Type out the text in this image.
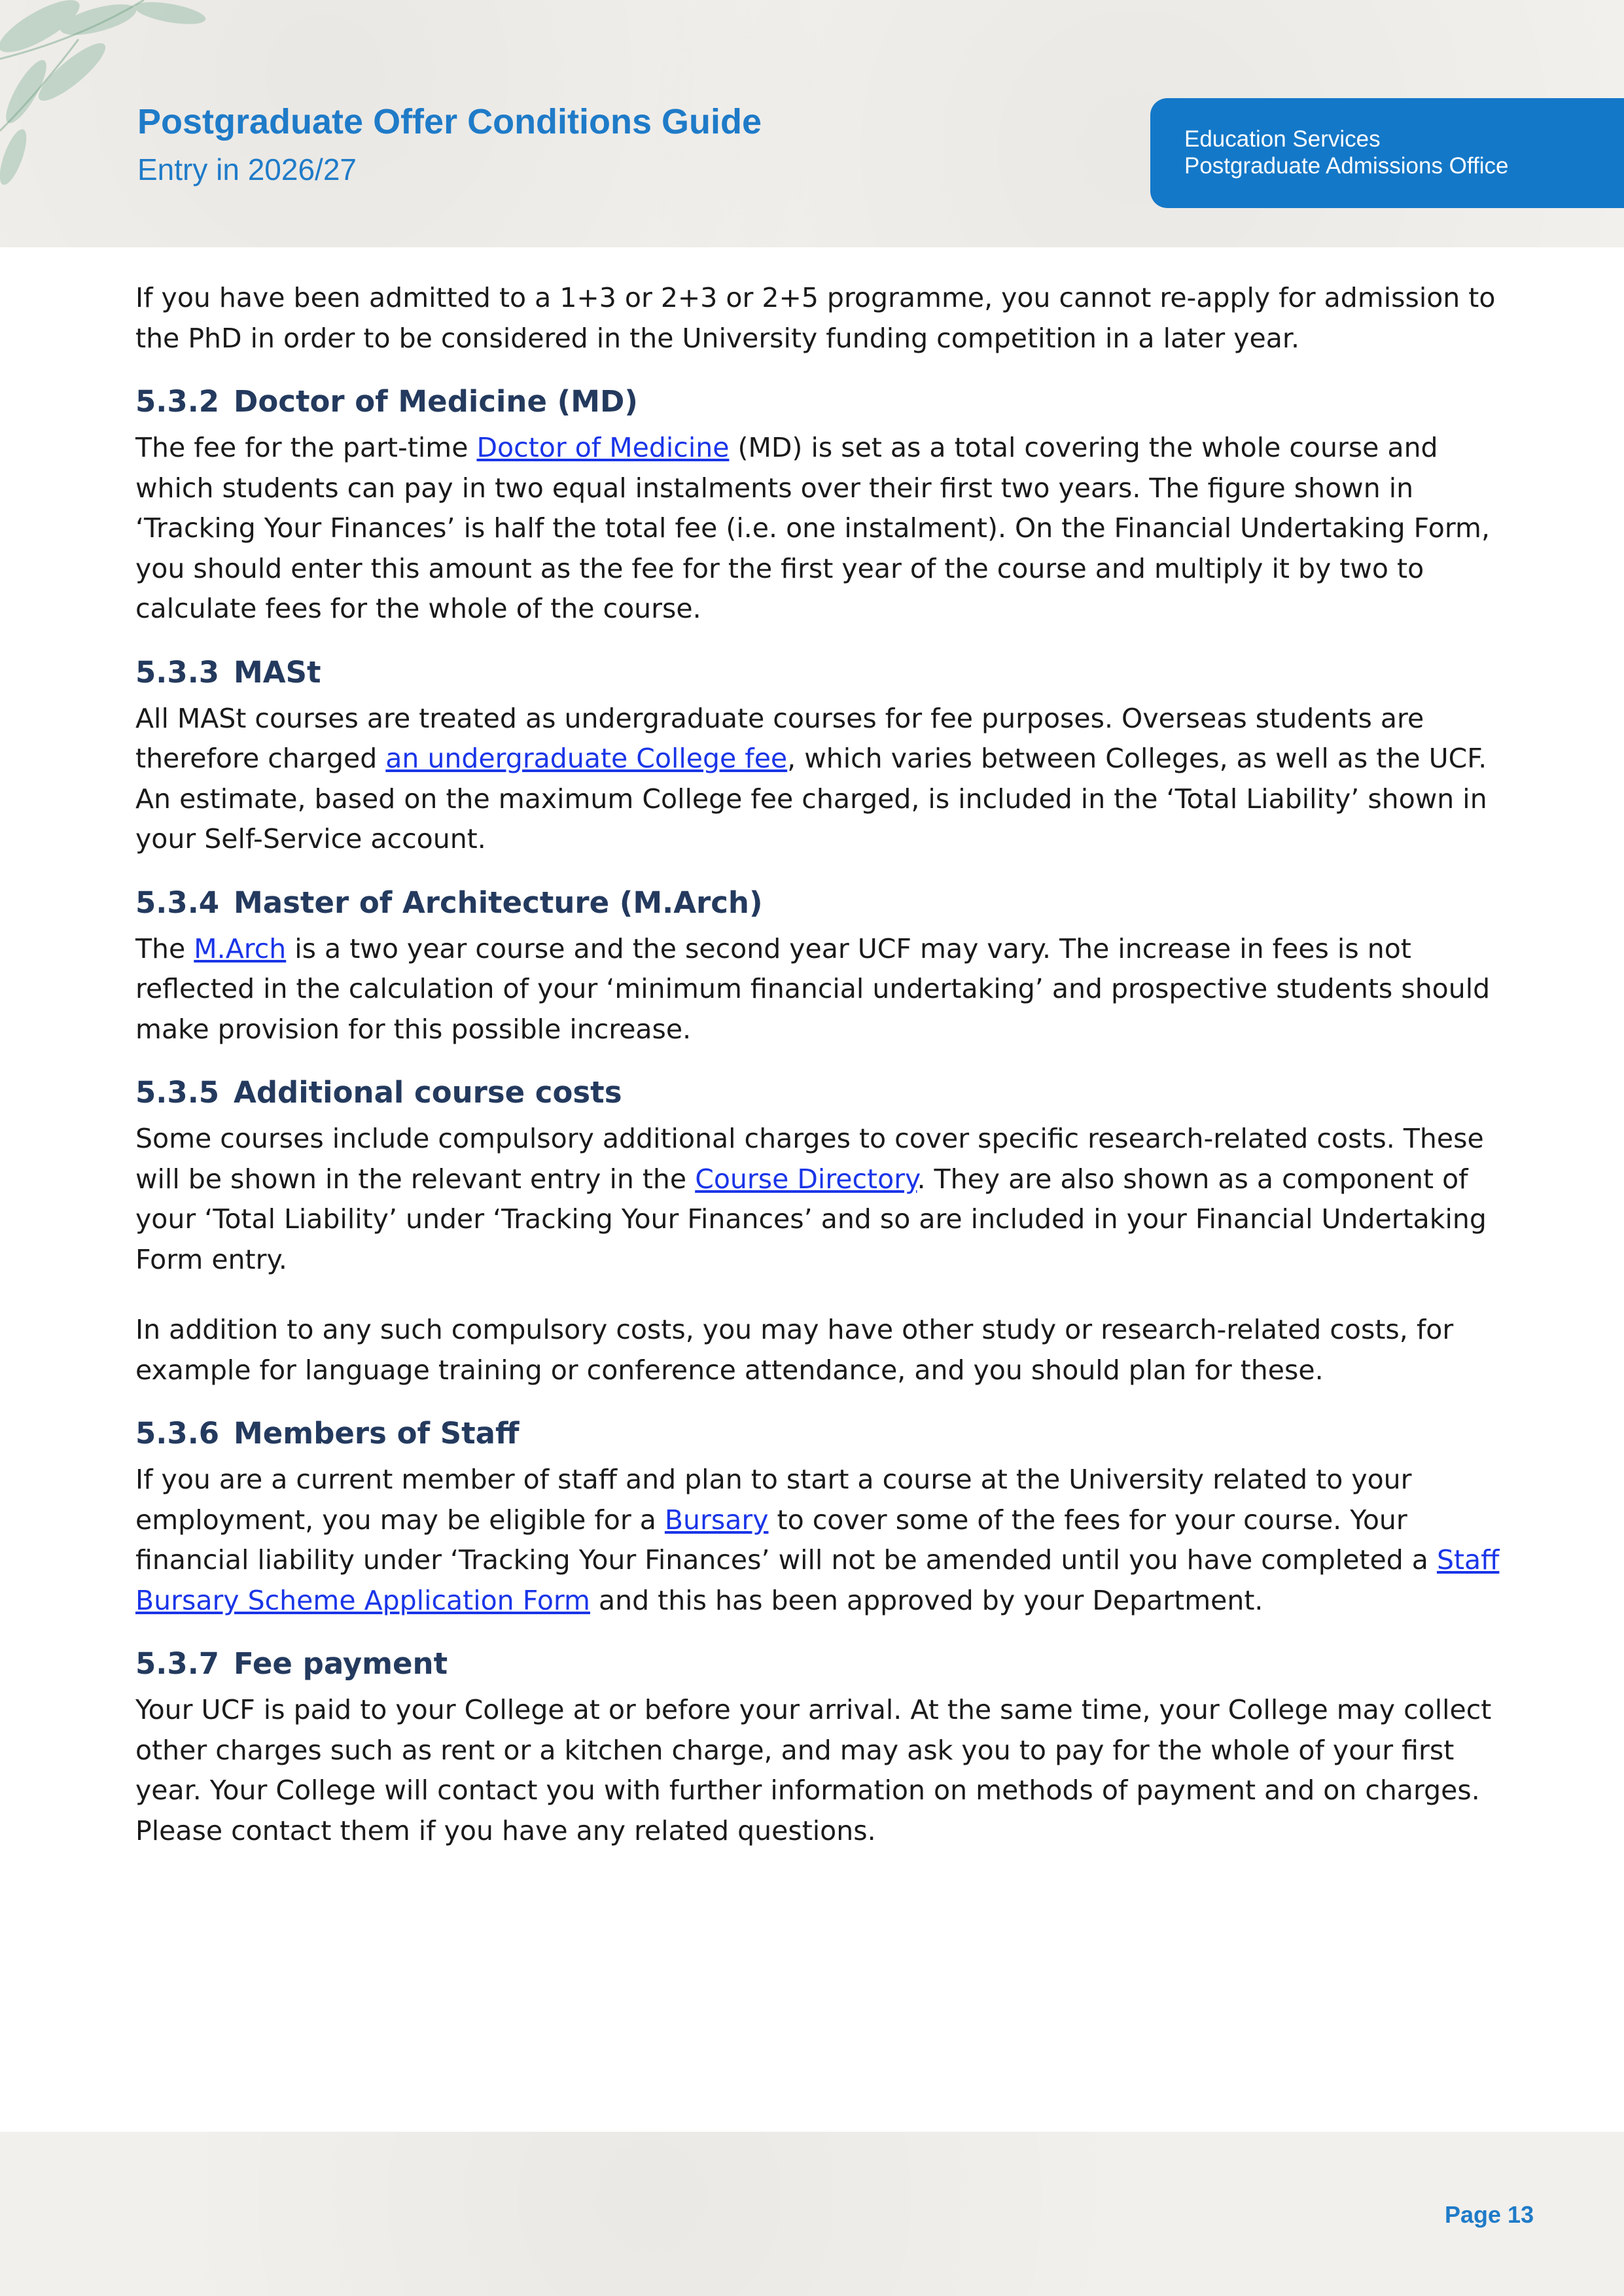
Postgraduate Offer Conditions Guide
Entry in 2026/27
Education Services
Postgraduate Admissions Office

If you have been admitted to a 1+3 or 2+3 or 2+5 programme, you cannot re-apply for admission to the PhD in order to be considered in the University funding competition in a later year.

5.3.2 Doctor of Medicine (MD)

The fee for the part-time Doctor of Medicine (MD) is set as a total covering the whole course and which students can pay in two equal instalments over their first two years. The figure shown in ‘Tracking Your Finances’ is half the total fee (i.e. one instalment). On the Financial Undertaking Form, you should enter this amount as the fee for the first year of the course and multiply it by two to calculate fees for the whole of the course.

5.3.3 MASt

All MASt courses are treated as undergraduate courses for fee purposes. Overseas students are therefore charged an undergraduate College fee, which varies between Colleges, as well as the UCF. An estimate, based on the maximum College fee charged, is included in the ‘Total Liability’ shown in your Self-Service account.

5.3.4 Master of Architecture (M.Arch)

The M.Arch is a two year course and the second year UCF may vary. The increase in fees is not reflected in the calculation of your ‘minimum financial undertaking’ and prospective students should make provision for this possible increase.

5.3.5 Additional course costs

Some courses include compulsory additional charges to cover specific research-related costs. These will be shown in the relevant entry in the Course Directory. They are also shown as a component of your ‘Total Liability’ under ‘Tracking Your Finances’ and so are included in your Financial Undertaking Form entry.

In addition to any such compulsory costs, you may have other study or research-related costs, for example for language training or conference attendance, and you should plan for these.

5.3.6 Members of Staff

If you are a current member of staff and plan to start a course at the University related to your employment, you may be eligible for a Bursary to cover some of the fees for your course. Your financial liability under ‘Tracking Your Finances’ will not be amended until you have completed a Staff Bursary Scheme Application Form and this has been approved by your Department.

5.3.7 Fee payment

Your UCF is paid to your College at or before your arrival. At the same time, your College may collect other charges such as rent or a kitchen charge, and may ask you to pay for the whole of your first year. Your College will contact you with further information on methods of payment and on charges. Please contact them if you have any related questions.

Page 13
